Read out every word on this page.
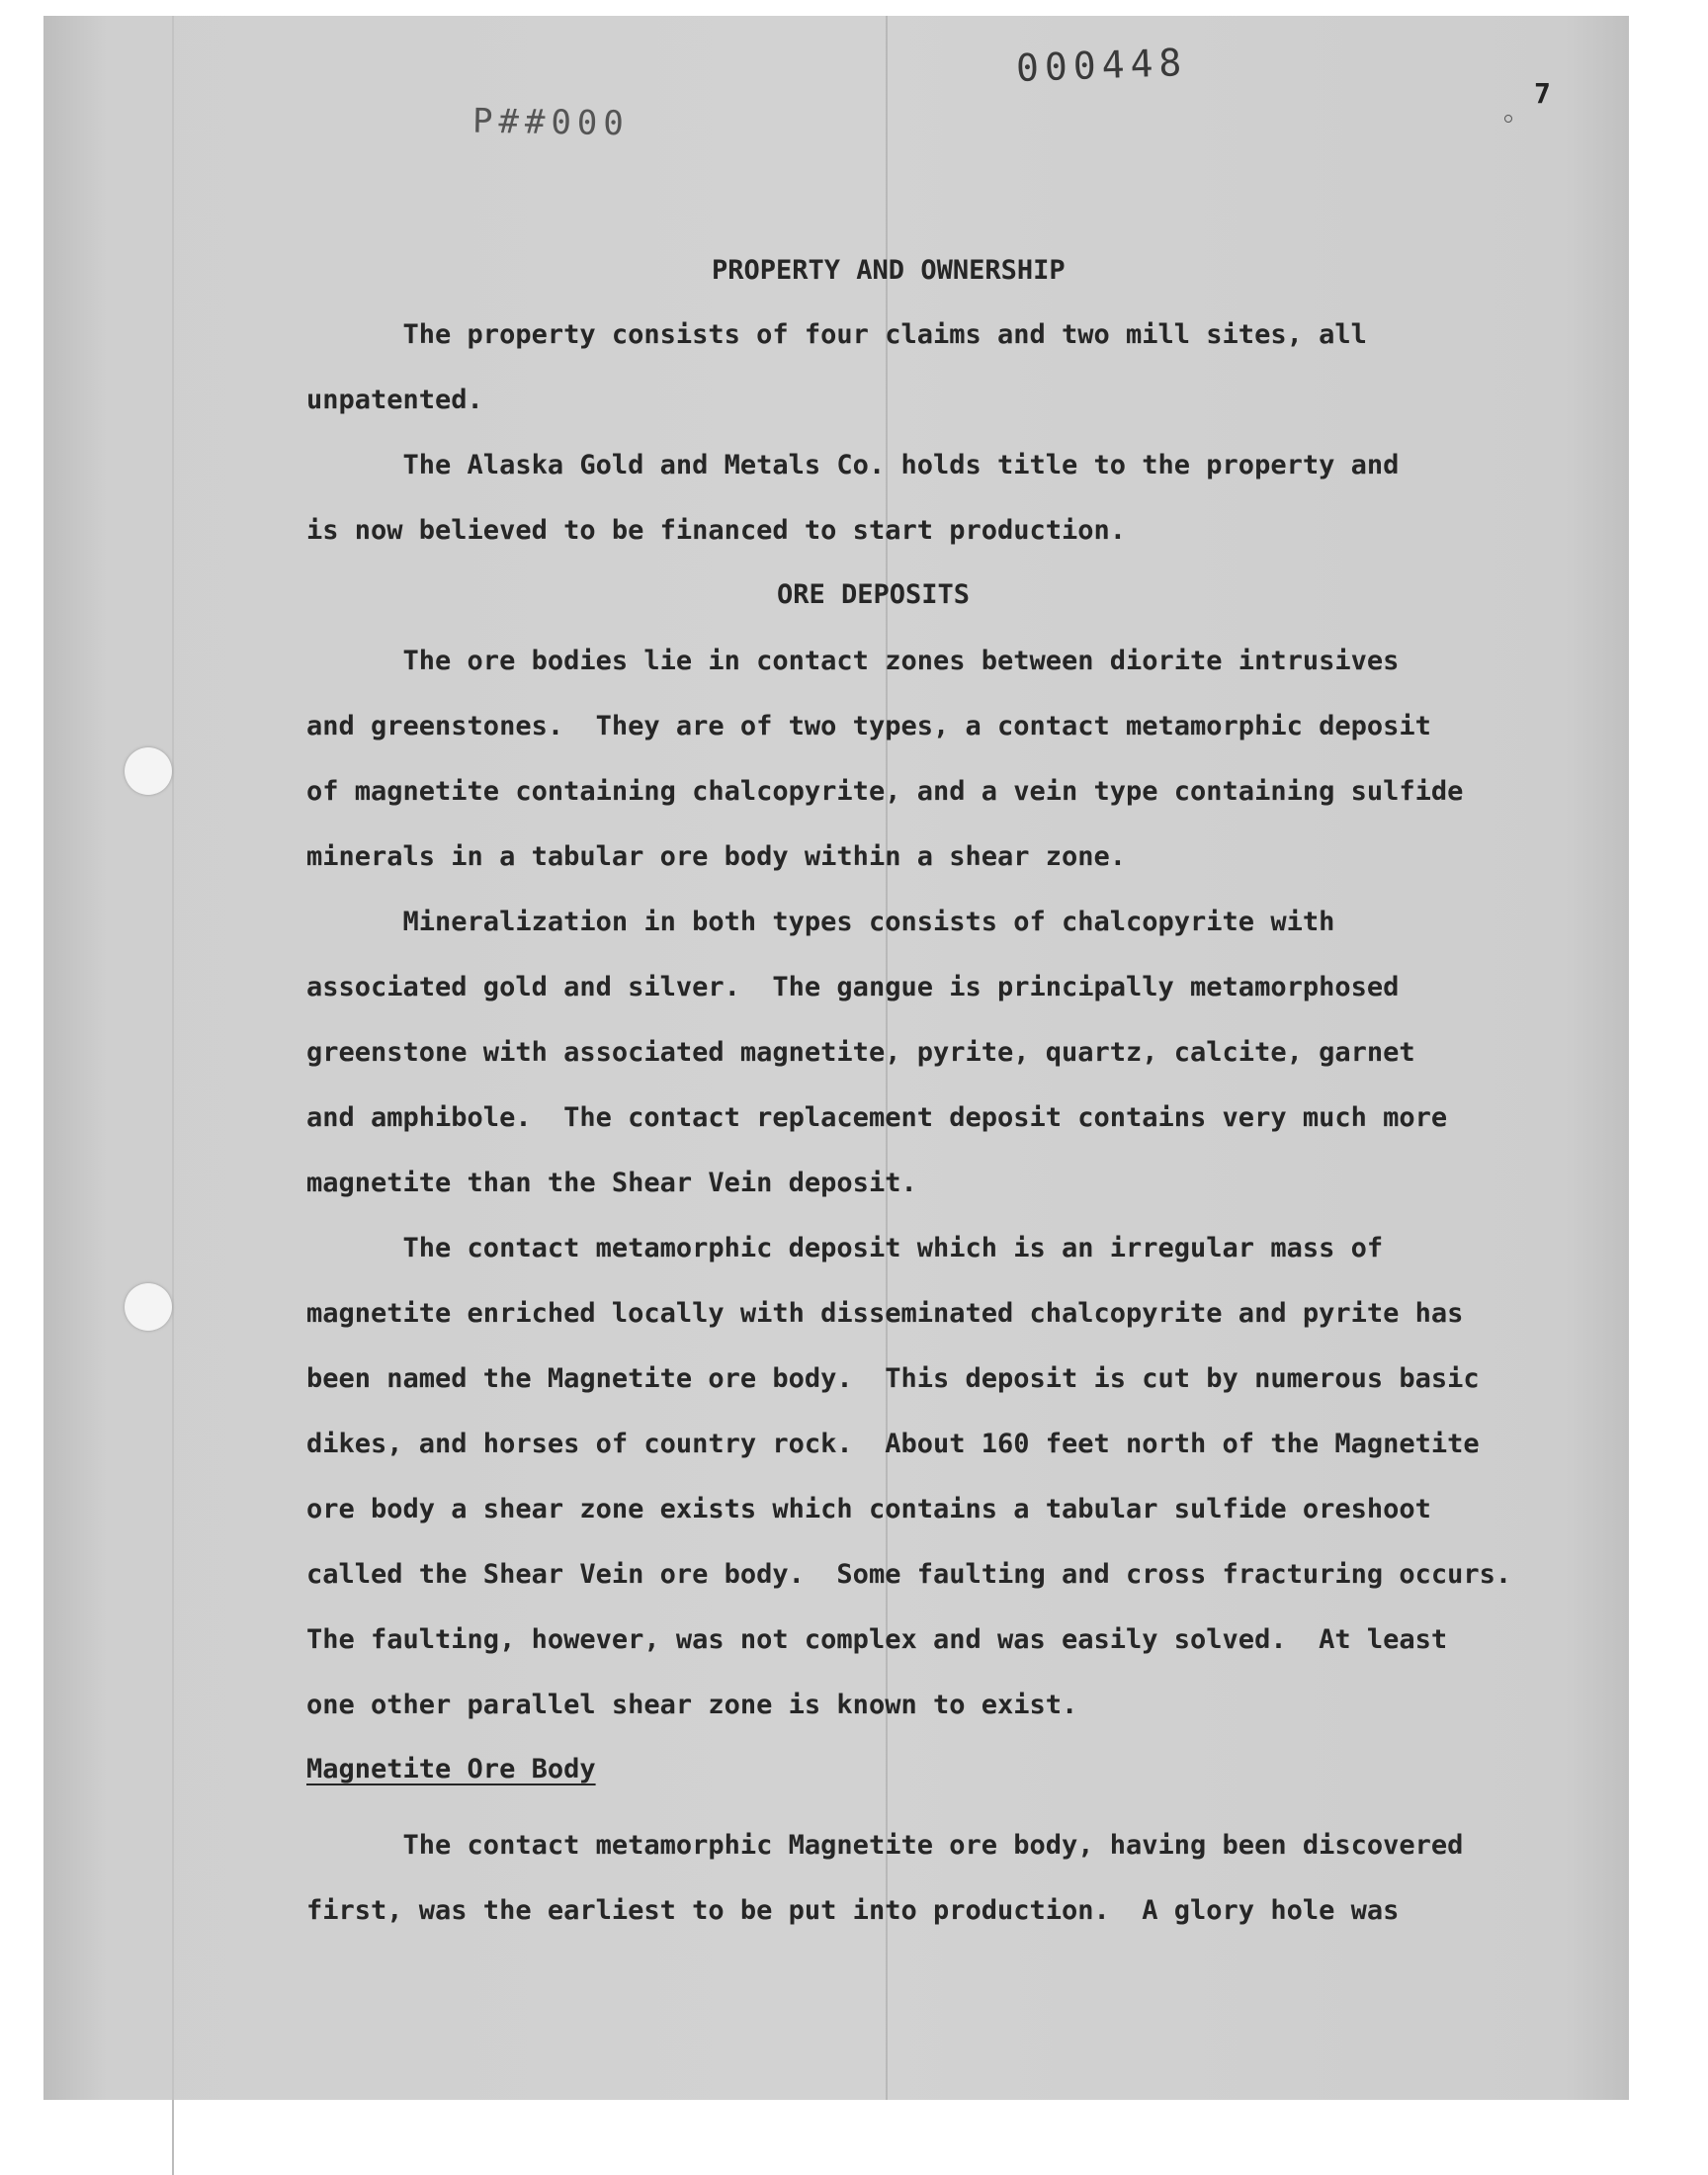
000448
P##000
7
PROPERTY AND OWNERSHIP
The property consists of four claims and two mill sites, all
unpatented.
The Alaska Gold and Metals Co. holds title to the property and
is now believed to be financed to start production.
ORE DEPOSITS
The ore bodies lie in contact zones between diorite intrusives
and greenstones.  They are of two types, a contact metamorphic deposit
of magnetite containing chalcopyrite, and a vein type containing sulfide
minerals in a tabular ore body within a shear zone.
Mineralization in both types consists of chalcopyrite with
associated gold and silver.  The gangue is principally metamorphosed
greenstone with associated magnetite, pyrite, quartz, calcite, garnet
and amphibole.  The contact replacement deposit contains very much more
magnetite than the Shear Vein deposit.
The contact metamorphic deposit which is an irregular mass of
magnetite enriched locally with disseminated chalcopyrite and pyrite has
been named the Magnetite ore body.  This deposit is cut by numerous basic
dikes, and horses of country rock.  About 160 feet north of the Magnetite
ore body a shear zone exists which contains a tabular sulfide oreshoot
called the Shear Vein ore body.  Some faulting and cross fracturing occurs.
The faulting, however, was not complex and was easily solved.  At least
one other parallel shear zone is known to exist.
Magnetite Ore Body
The contact metamorphic Magnetite ore body, having been discovered
first, was the earliest to be put into production.  A glory hole was
